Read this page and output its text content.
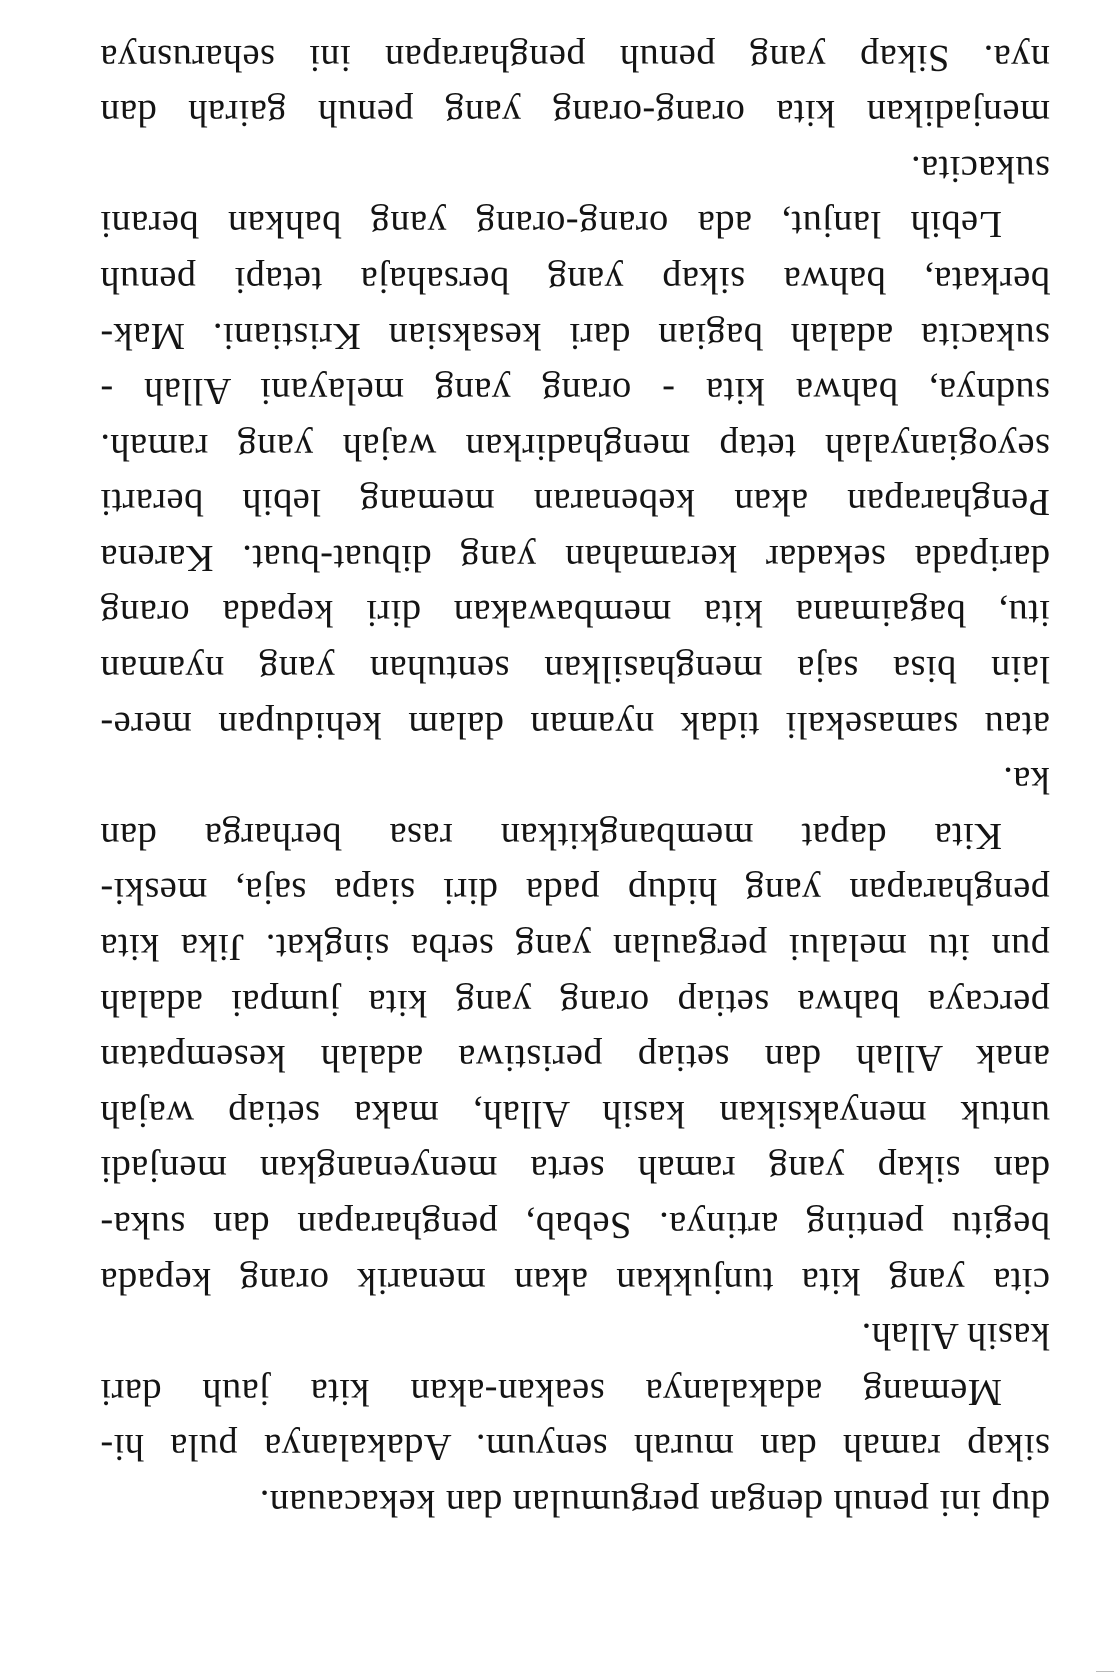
dup ini penuh dengan pergumulan dan kekacauan.
sikap ramah dan murah senyum. Adakalanya pula hi-
Memang adakalanya seakan-akan kita jauh dari
kasih Allah.
cita yang kita tunjukkan akan menarik orang kepada
begitu penting artinya. Sebab, pengharapan dan suka-
dan sikap yang ramah serta menyenangkan menjadi
untuk menyaksikan kasih Allah, maka setiap wajah
anak Allah dan setiap peristiwa adalah kesempatan
percaya bahwa setiap orang yang kita jumpai adalah
pun itu melalui pergaulan yang serba singkat. Jika kita
pengharapan yang hidup pada diri siapa saja, meski-
Kita dapat membangkitkan rasa berharga dan
ka.
atau samasekali tidak nyaman dalam kehidupan mere-
lain bisa saja menghasilkan sentuhan yang nyaman
itu, bagaimana kita membawakan diri kepada orang
daripada sekadar keramahan yang dibuat-buat. Karena
Pengharapan akan kebenaran memang lebih berarti
seyogianyalah tetap menghadirkan wajah yang ramah.
sudnya, bahwa kita - orang yang melayani Allah -
sukacita adalah bagian dari kesaksian Kristiani. Mak-
berkata, bahwa sikap yang bersahaja tetapi penuh
Lebih lanjut, ada orang-orang yang bahkan berani
sukacita.
menjadikan kita orang-orang yang penuh gairah dan
nya. Sikap yang penuh pengharapan ini seharusnya
